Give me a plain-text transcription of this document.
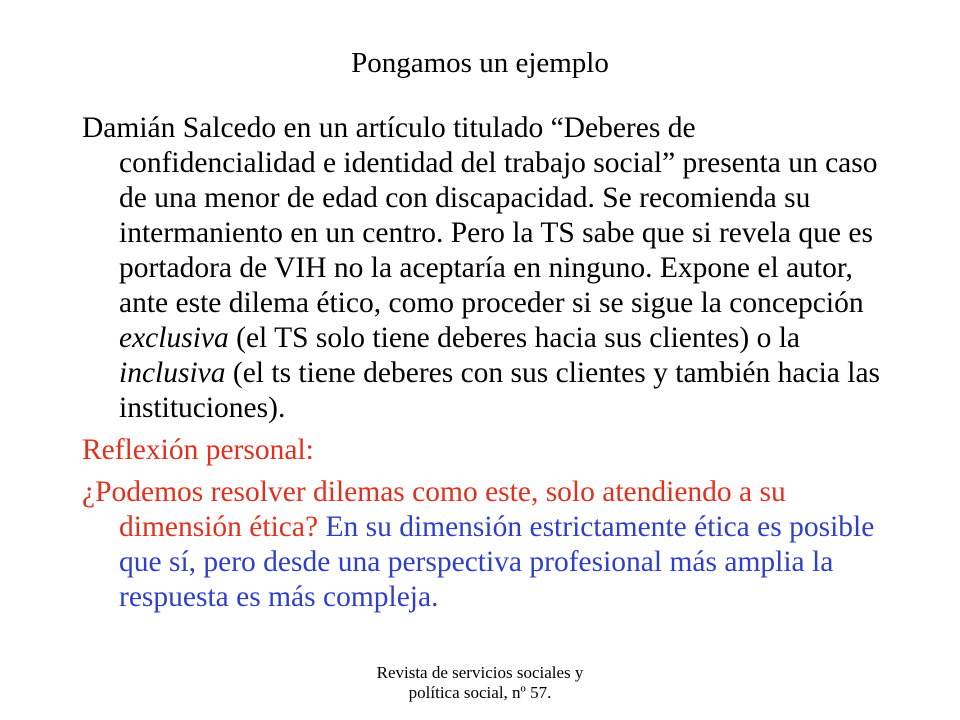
Pongamos un ejemplo

Damián Salcedo en un artículo titulado “Deberes de confidencialidad e identidad del trabajo social” presenta un caso de una menor de edad con discapacidad. Se recomienda su intermaniento en un centro. Pero la TS sabe que si revela que es portadora de VIH no la aceptaría en ninguno. Expone el autor, ante este dilema ético, como proceder si se sigue la concepción exclusiva (el TS solo tiene deberes hacia sus clientes) o la inclusiva (el ts tiene deberes con sus clientes y también hacia las instituciones).

Reflexión personal:

¿Podemos resolver dilemas como este, solo atendiendo a su dimensión ética? En su dimensión estrictamente ética es posible que sí, pero desde una perspectiva profesional más amplia la respuesta es más compleja.

Revista de servicios sociales y
política social, nº 57.
